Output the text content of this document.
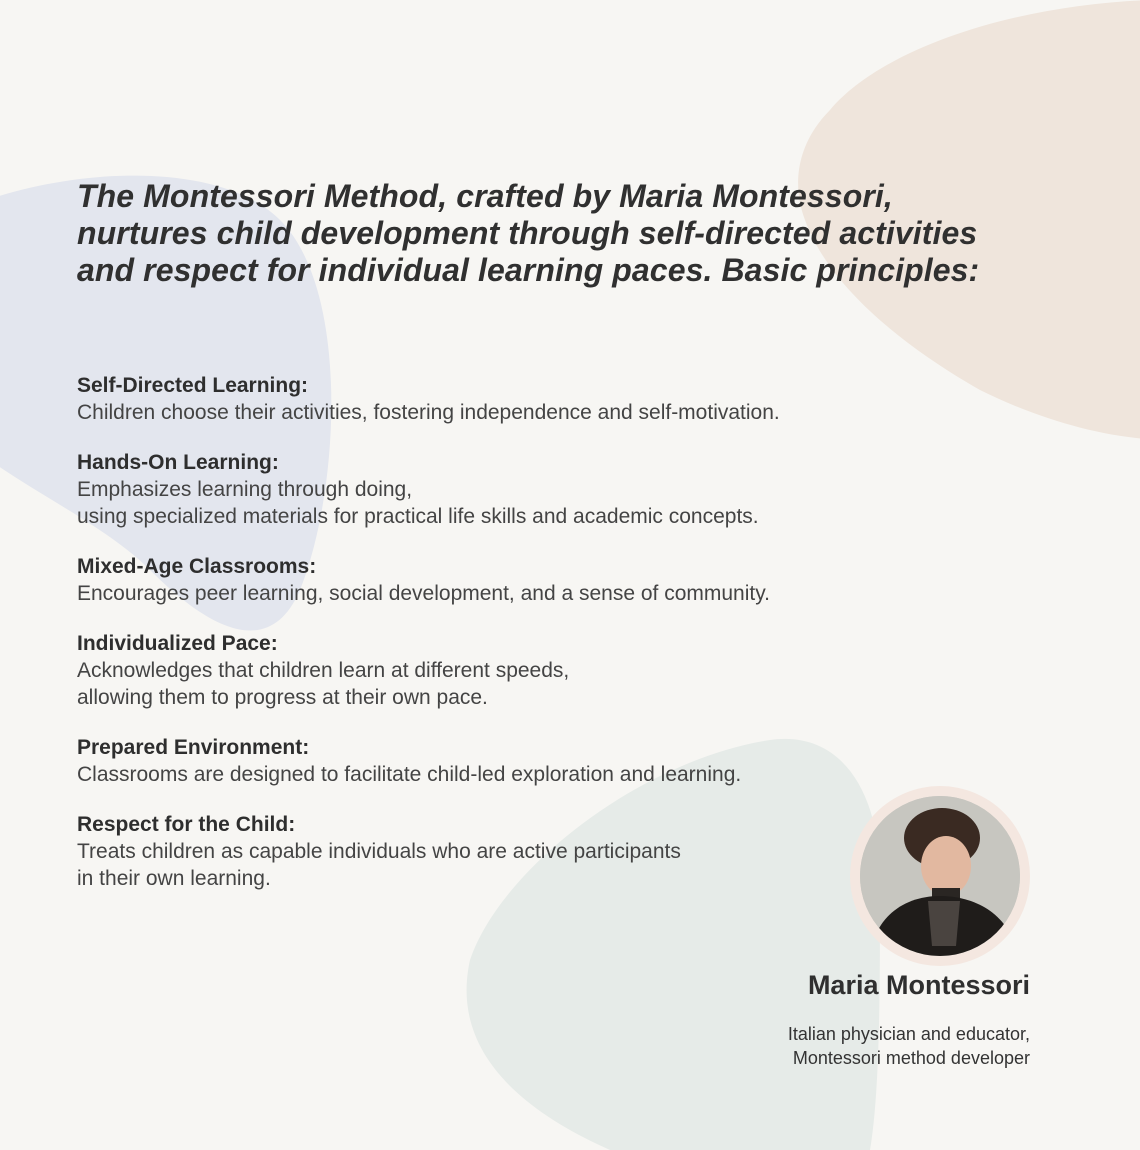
The Montessori Method, crafted by Maria Montessori,
nurtures child development through self-directed activities
and respect for individual learning paces. Basic principles:

Self-Directed Learning:
Children choose their activities, fostering independence and self-motivation.
Hands-On Learning:
Emphasizes learning through doing,
using specialized materials for practical life skills and academic concepts.
Mixed-Age Classrooms:
Encourages peer learning, social development, and a sense of community.
Individualized Pace:
Acknowledges that children learn at different speeds,
allowing them to progress at their own pace.
Prepared Environment:
Classrooms are designed to facilitate child-led exploration and learning.
Respect for the Child:
Treats children as capable individuals who are active participants
in their own learning.
Maria Montessori
Italian physician and educator,
Montessori method developer
